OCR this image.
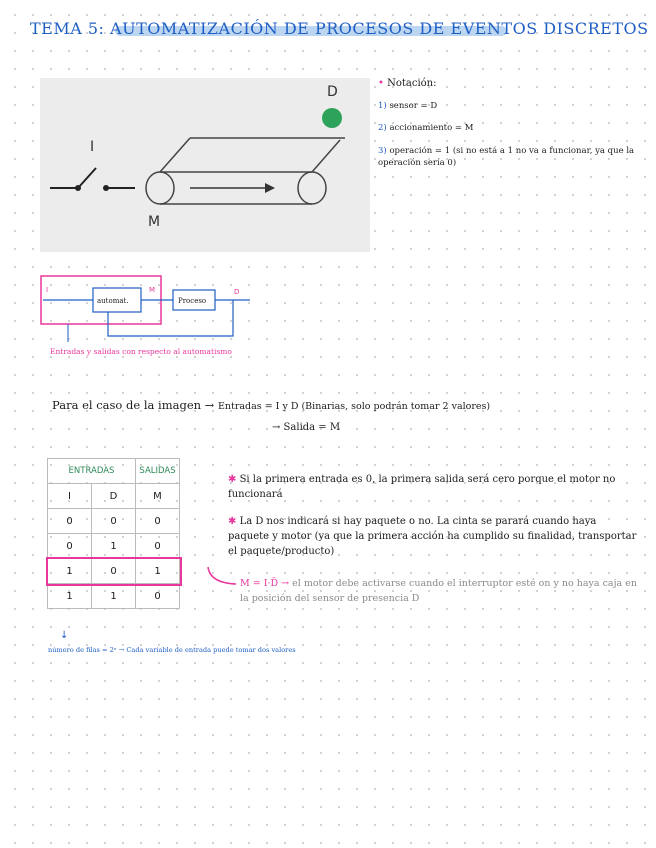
TEMA 5: AUTOMATIZACIÓN DE PROCESOS DE EVENTOS DISCRETOS
D
I
M
• Notación:
1) sensor = D
2) accionamiento = M
3) operación = 1 (si no está a 1 no va a funcionar, ya que la operación sería 0)
I	M	D
automat.	Proceso
Entradas y salidas con respecto al automatismo
Para el caso de la imagen → Entradas = I y D (Binarias, solo podrán tomar 2 valores)
→ Salida = M
ENTRADAS		SALIDAS
I	D	M
0	0	0
0	1	0
1	0	1
1	1	0
✱ Si la primera entrada es 0, la primera salida será cero porque el motor no funcionará
✱ La D nos indicará si hay paquete o no. La cinta se parará cuando haya paquete y motor (ya que la primera acción ha cumplido su finalidad, transportar el paquete/producto)
M = I·D̄ → el motor debe activarse cuando el interruptor esté on y no haya caja en la posición del sensor de presencia D
↓
número de filas = 2ⁿ → Cada variable de entrada puede tomar dos valores
